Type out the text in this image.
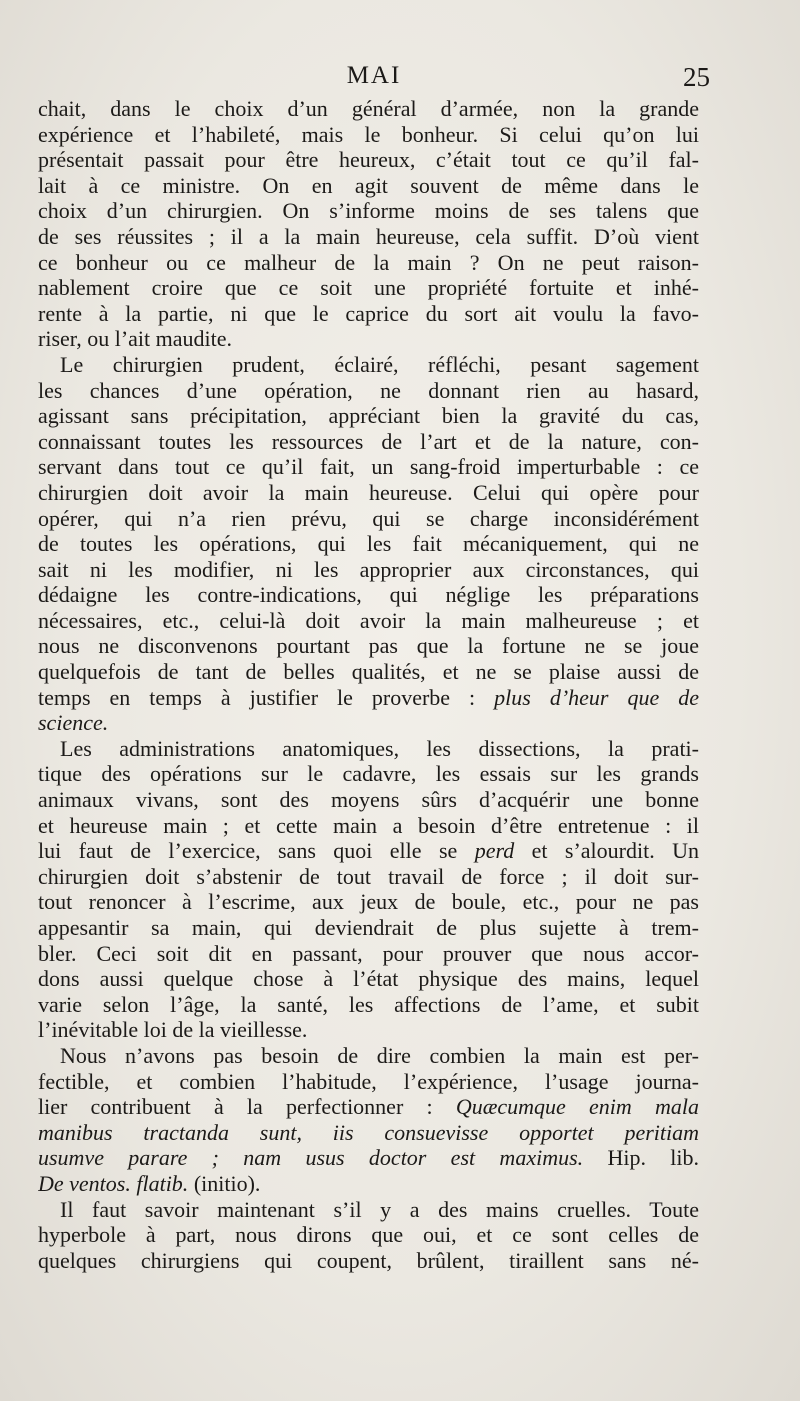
MAI	25
chait, dans le choix d’un général d’armée, non la grande
expérience et l’habileté, mais le bonheur. Si celui qu’on lui
présentait passait pour être heureux, c’était tout ce qu’il fal-
lait à ce ministre. On en agit souvent de même dans le
choix d’un chirurgien. On s’informe moins de ses talens que
de ses réussites ; il a la main heureuse, cela suffit. D’où vient
ce bonheur ou ce malheur de la main ? On ne peut raison-
nablement croire que ce soit une propriété fortuite et inhé-
rente à la partie, ni que le caprice du sort ait voulu la favo-
riser, ou l’ait maudite.
Le chirurgien prudent, éclairé, réfléchi, pesant sagement
les chances d’une opération, ne donnant rien au hasard,
agissant sans précipitation, appréciant bien la gravité du cas,
connaissant toutes les ressources de l’art et de la nature, con-
servant dans tout ce qu’il fait, un sang-froid imperturbable : ce
chirurgien doit avoir la main heureuse. Celui qui opère pour
opérer, qui n’a rien prévu, qui se charge inconsidérément
de toutes les opérations, qui les fait mécaniquement, qui ne
sait ni les modifier, ni les approprier aux circonstances, qui
dédaigne les contre-indications, qui néglige les préparations
nécessaires, etc., celui-là doit avoir la main malheureuse ; et
nous ne disconvenons pourtant pas que la fortune ne se joue
quelquefois de tant de belles qualités, et ne se plaise aussi de
temps en temps à justifier le proverbe : plus d’heur que de
science.
Les administrations anatomiques, les dissections, la prati-
tique des opérations sur le cadavre, les essais sur les grands
animaux vivans, sont des moyens sûrs d’acquérir une bonne
et heureuse main ; et cette main a besoin d’être entretenue : il
lui faut de l’exercice, sans quoi elle se perd et s’alourdit. Un
chirurgien doit s’abstenir de tout travail de force ; il doit sur-
tout renoncer à l’escrime, aux jeux de boule, etc., pour ne pas
appesantir sa main, qui deviendrait de plus sujette à trem-
bler. Ceci soit dit en passant, pour prouver que nous accor-
dons aussi quelque chose à l’état physique des mains, lequel
varie selon l’âge, la santé, les affections de l’ame, et subit
l’inévitable loi de la vieillesse.
Nous n’avons pas besoin de dire combien la main est per-
fectible, et combien l’habitude, l’expérience, l’usage journa-
lier contribuent à la perfectionner : Quæcumque enim mala
manibus tractanda sunt, iis consuevisse opportet peritiam
usumve parare ; nam usus doctor est maximus. Hip. lib.
De ventos. flatib. (initio).
Il faut savoir maintenant s’il y a des mains cruelles. Toute
hyperbole à part, nous dirons que oui, et ce sont celles de
quelques chirurgiens qui coupent, brûlent, tiraillent sans né-
